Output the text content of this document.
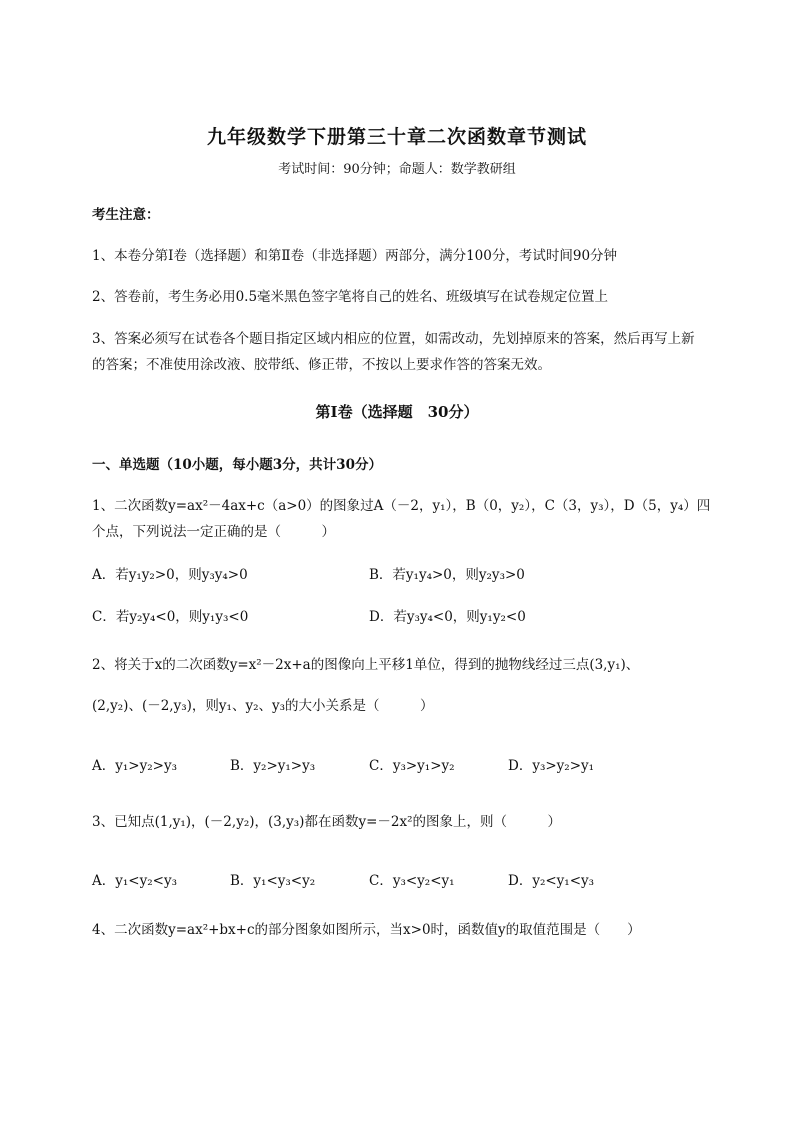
九年级数学下册第三十章二次函数章节测试
考试时间：90分钟；命题人：数学教研组
考生注意：
1、本卷分第I卷（选择题）和第Ⅱ卷（非选择题）两部分，满分100分，考试时间90分钟
2、答卷前，考生务必用0.5毫米黑色签字笔将自己的姓名、班级填写在试卷规定位置上
3、答案必须写在试卷各个题目指定区域内相应的位置，如需改动，先划掉原来的答案，然后再写上新
的答案；不准使用涂改液、胶带纸、修正带，不按以上要求作答的答案无效。
第I卷（选择题　30分）
一、单选题（10小题，每小题3分，共计30分）
1、二次函数y=ax²－4ax+c（a>0）的图象过A（－2，y₁），B（0，y₂），C（3，y₃），D（5，y₄）四
个点，下列说法一定正确的是（　　　）
A．若y₁y₂>0，则y₃y₄>0	B．若y₁y₄>0，则y₂y₃>0
C．若y₂y₄<0，则y₁y₃<0	D．若y₃y₄<0，则y₁y₂<0
2、将关于x的二次函数y=x²－2x+a的图像向上平移1单位，得到的抛物线经过三点(3,y₁)、
(2,y₂)、(－2,y₃)，则y₁、y₂、y₃的大小关系是（　　　）
A．y₁>y₂>y₃	B．y₂>y₁>y₃	C．y₃>y₁>y₂	D．y₃>y₂>y₁
3、已知点(1,y₁)，(－2,y₂)，(3,y₃)都在函数y=－2x²的图象上，则（　　　）
A．y₁<y₂<y₃	B．y₁<y₃<y₂	C．y₃<y₂<y₁	D．y₂<y₁<y₃
4、二次函数y=ax²+bx+c的部分图象如图所示，当x>0时，函数值y的取值范围是（　　）
